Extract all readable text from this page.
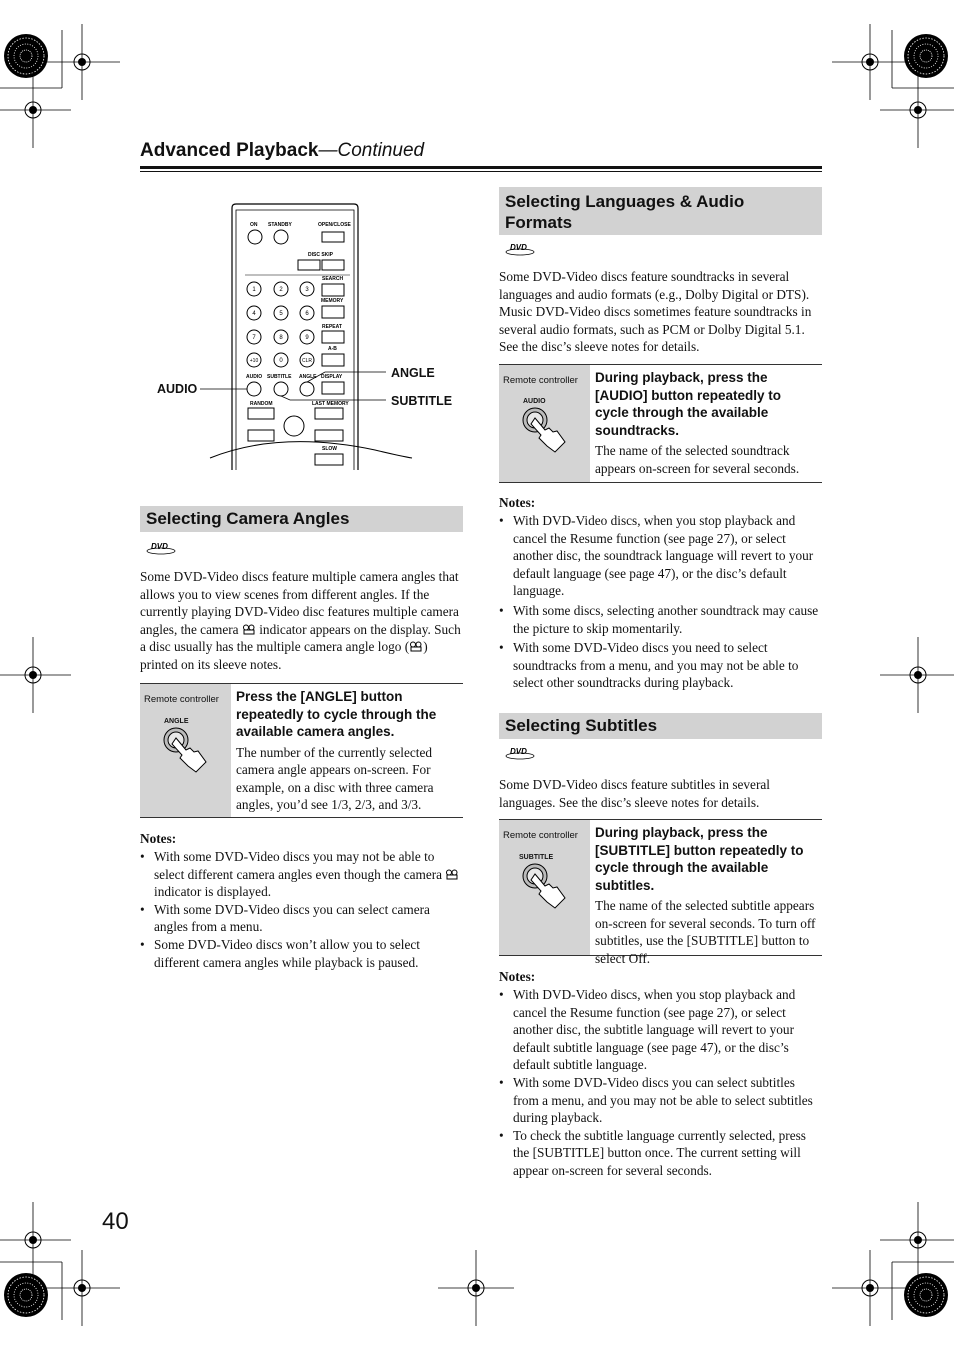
Advanced Playback—Continued
ON STANDBY	OPEN/CLOSE
DISC SKIP
1	2	3
4	5	6
7	8	9
+10	0	CLR
SEARCH
MEMORY
REPEAT
A-B
DISPLAY
AUDIO SUBTITLE ANGLE
RANDOM	LAST MEMORY
SLOW
AUDIO
ANGLE
SUBTITLE
Selecting Camera Angles
DVD
Some DVD-Video discs feature multiple camera angles that allows you to view scenes from different angles. If the currently playing DVD-Video disc features multiple camera angles, the camera indicator appears on the display. Such a disc usually has the multiple camera angle logo ( ) printed on its sleeve notes.
Remote controller
ANGLE
Press the [ANGLE] button repeatedly to cycle through the available camera angles.
The number of the currently selected camera angle appears on-screen. For example, on a disc with three camera angles, you’d see 1/3, 2/3, and 3/3.
Notes:
• With some DVD-Video discs you may not be able to select different camera angles even though the camera  indicator is displayed.
• With some DVD-Video discs you can select camera angles from a menu.
• Some DVD-Video discs won’t allow you to select different camera angles while playback is paused.
Selecting Languages & Audio Formats
DVD
Some DVD-Video discs feature soundtracks in several languages and audio formats (e.g., Dolby Digital or DTS). Music DVD-Video discs sometimes feature soundtracks in several audio formats, such as PCM or Dolby Digital 5.1. See the disc’s sleeve notes for details.
Remote controller
AUDIO
During playback, press the [AUDIO] button repeatedly to cycle through the available soundtracks.
The name of the selected soundtrack appears on-screen for several seconds.
Notes:
• With DVD-Video discs, when you stop playback and cancel the Resume function (see page 27), or select another disc, the soundtrack language will revert to your default language (see page 47), or the disc’s default language.
• With some discs, selecting another soundtrack may cause the picture to skip momentarily.
• With some DVD-Video discs you need to select soundtracks from a menu, and you may not be able to select other soundtracks during playback.
Selecting Subtitles
DVD
Some DVD-Video discs feature subtitles in several languages. See the disc’s sleeve notes for details.
Remote controller
SUBTITLE
During playback, press the [SUBTITLE] button repeatedly to cycle through the available subtitles.
The name of the selected subtitle appears on-screen for several seconds. To turn off subtitles, use the [SUBTITLE] button to select Off.
Notes:
• With DVD-Video discs, when you stop playback and cancel the Resume function (see page 27), or select another disc, the subtitle language will revert to your default subtitle language (see page 47), or the disc’s default subtitle language.
• With some DVD-Video discs you can select subtitles from a menu, and you may not be able to select subtitles during playback.
• To check the subtitle language currently selected, press the [SUBTITLE] button once. The current setting will appear on-screen for several seconds.
40
